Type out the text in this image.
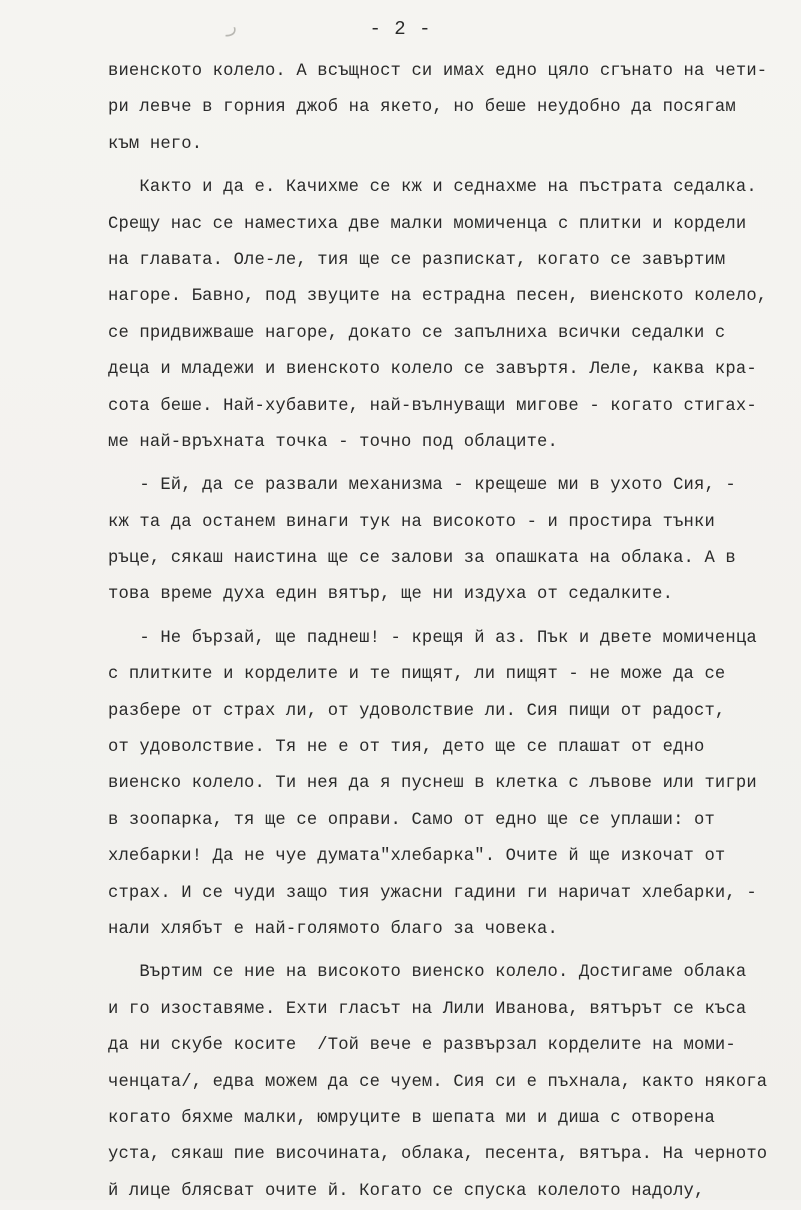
ﺭ	- 2 -
виенското колело. А всъщност си имах едно цяло сгънато на чети-
ри левче в горния джоб на якето, но беше неудобно да посягам
към него.
Както и да е. Качихме се кж и седнахме на пъстрата седалка.
Срещу нас се наместиха две малки момиченца с плитки и кордели
на главата. Оле-ле, тия ще се разпискат, когато се завъртим
нагоре. Бавно, под звуците на естрадна песен, виенското колело,
се придвижваше нагоре, докато се запълниха всички седалки с
деца и младежи и виенското колело се завъртя. Леле, каква кра-
сота беше. Най-хубавите, най-вълнуващи мигове - когато стигах-
ме най-връхната точка - точно под облаците.
- Ей, да се развали механизма - крещеше ми в ухото Сия, -
кж та да останем винаги тук на високото - и простира тънки
ръце, сякаш наистина ще се залови за опашката на облака. А в
това време духа един вятър, ще ни издуха от седалките.
- Не бързай, ще паднеш! - крещя й аз. Пък и двете момиченца
с плитките и корделите и те пищят, ли пищят - не може да се
разбере от страх ли, от удоволствие ли. Сия пищи от радост,
от удоволствие. Тя не е от тия, дето ще се плашат от едно
виенско колело. Ти нея да я пуснеш в клетка с лъвове или тигри
в зоопарка, тя ще се оправи. Само от едно ще се уплаши: от
хлебарки! Да не чуе думата"хлебарка". Очите й ще изкочат от
страх. И се чуди защо тия ужасни гадини ги наричат хлебарки, -
нали хлябът е най-голямото благо за човека.
Въртим се ние на високото виенско колело. Достигаме облака
и го изоставяме. Ехти гласът на Лили Иванова, вятърът се къса
да ни скубе косите  /Той вече е развързал корделите на моми-
ченцата/, едва можем да се чуем. Сия си е пъхнала, както някога
когато бяхме малки, юмруците в шепата ми и диша с отворена
уста, сякаш пие височината, облака, песента, вятъра. На черното
й лице блясват очите й. Когато се спуска колелото надолу,
